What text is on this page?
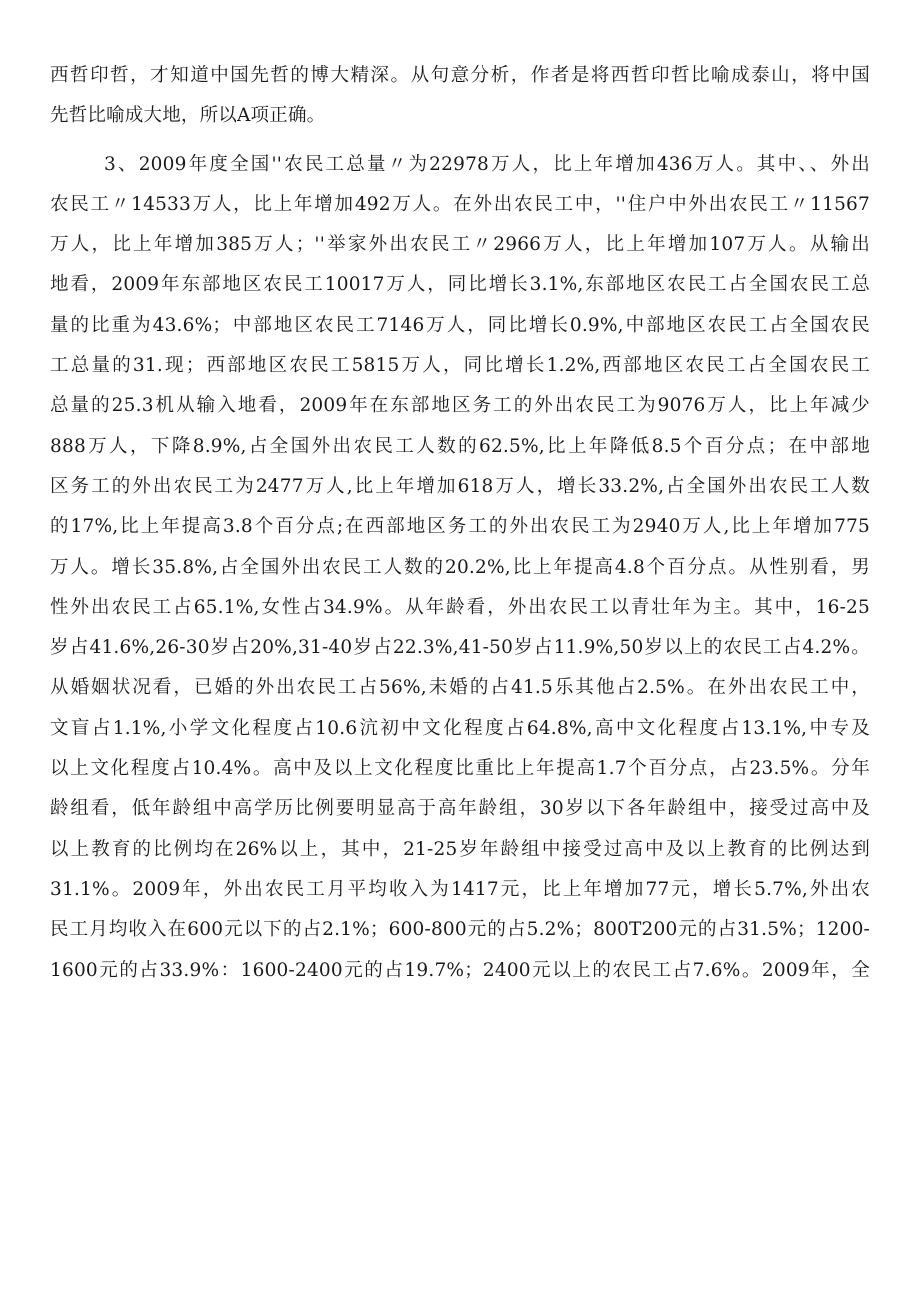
西哲印哲，才知道中国先哲的博大精深。从句意分析，作者是将西哲印哲比喻成泰山，将中国
先哲比喻成大地，所以A项正确。
3、2009年度全国''农民工总量〃为22978万人，比上年增加436万人。其中、、外出
农民工〃14533万人，比上年增加492万人。在外出农民工中，''住户中外出农民工〃11567
万人，比上年增加385万人；''举家外出农民工〃2966万人，比上年增加107万人。从输出
地看，2009年东部地区农民工10017万人，同比增长3.1%,东部地区农民工占全国农民工总
量的比重为43.6%；中部地区农民工7146万人，同比增长0.9%,中部地区农民工占全国农民
工总量的31.现；西部地区农民工5815万人，同比增长1.2%,西部地区农民工占全国农民工
总量的25.3机从输入地看，2009年在东部地区务工的外出农民工为9076万人，比上年减少
888万人，下降8.9%,占全国外出农民工人数的62.5%,比上年降低8.5个百分点；在中部地
区务工的外出农民工为2477万人,比上年增加618万人，增长33.2%,占全国外出农民工人数
的17%,比上年提高3.8个百分点;在西部地区务工的外出农民工为2940万人,比上年增加775
万人。增长35.8%,占全国外出农民工人数的20.2%,比上年提高4.8个百分点。从性别看，男
性外出农民工占65.1%,女性占34.9%。从年龄看，外出农民工以青壮年为主。其中，16-25
岁占41.6%,26-30岁占20%,31-40岁占22.3%,41-50岁占11.9%,50岁以上的农民工占4.2%。
从婚姻状况看，已婚的外出农民工占56%,未婚的占41.5乐其他占2.5%。在外出农民工中，
文盲占1.1%,小学文化程度占10.6沆初中文化程度占64.8%,高中文化程度占13.1%,中专及
以上文化程度占10.4%。高中及以上文化程度比重比上年提高1.7个百分点，占23.5%。分年
龄组看，低年龄组中高学历比例要明显高于高年龄组，30岁以下各年龄组中，接受过高中及
以上教育的比例均在26%以上，其中，21-25岁年龄组中接受过高中及以上教育的比例达到
31.1%。2009年，外出农民工月平均收入为1417元，比上年增加77元，增长5.7%,外出农
民工月均收入在600元以下的占2.1%；600-800元的占5.2%；800T200元的占31.5%；1200-
1600元的占33.9%：1600-2400元的占19.7%；2400元以上的农民工占7.6%。2009年，全
